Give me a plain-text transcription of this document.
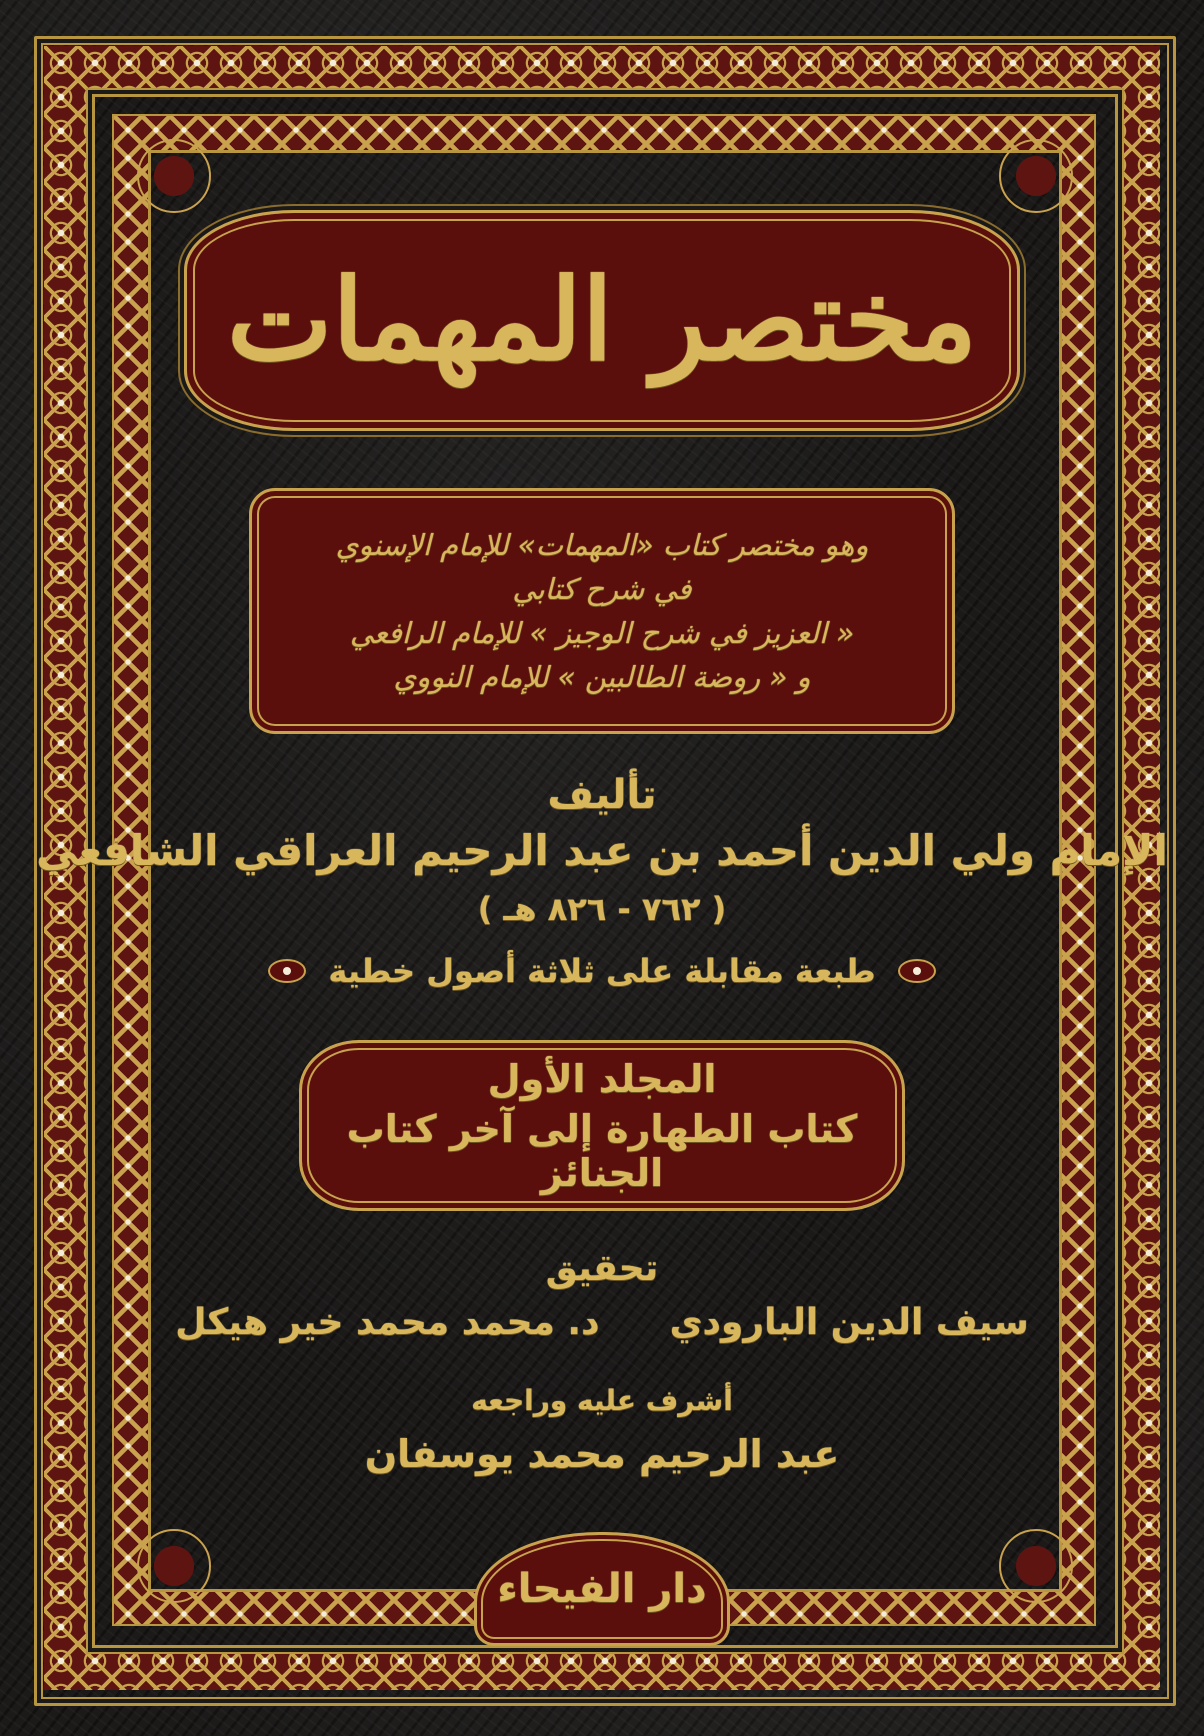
مختصر المهمات
وهو مختصر كتاب «المهمات» للإمام الإسنوي
في شرح كتابي
« العزيز في شرح الوجيز » للإمام الرافعي
و « روضة الطالبين » للإمام النووي
تأليف
الإمام ولي الدين أحمد بن عبد الرحيم العراقي الشافعي
( ٧٦٢ - ٨٢٦ هـ )
طبعة مقابلة على ثلاثة أصول خطية
المجلد الأول
كتاب الطهارة إلى آخر كتاب الجنائز
تحقيق
سيف الدين البارودي
د. محمد محمد خير هيكل
أشرف عليه وراجعه
عبد الرحيم محمد يوسفان
دار الفيحاء
